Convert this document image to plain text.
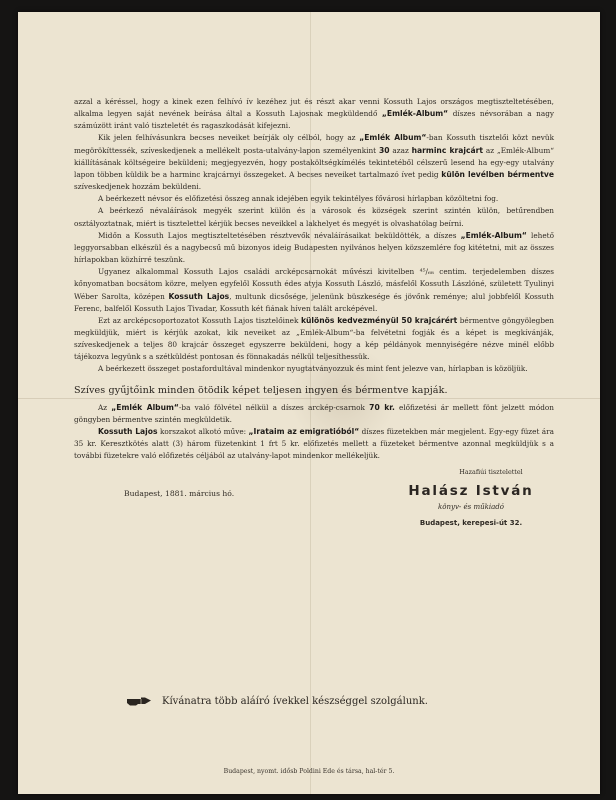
azzal a kéréssel, hogy a kinek ezen felhívó ív kezéhez jut és részt akar venni Kossuth Lajos országos megtiszteltetésében, alkalma legyen saját nevének beírása által a Kossuth Lajosnak megküldendő „Emlék-Album“ díszes névsorában a nagy számúzött iránt való tiszteletét és ragaszkodását kifejezni.

Kik jelen felhívásunkra becses neveiket beírják oly célból, hogy az „Emlék Album“-ban Kossuth tisztelői közt nevük megörökíttessék, szíveskedjenek a mellékelt posta-utalvány-lapon személyenkint 30 azaz harminc krajcárt az „Emlék-Album“ kiállításának költségeire beküldeni; megjegyezvén, hogy postaköltségkímélés tekintetéből célszerű lesend ha egy-egy utalvány lapon többen küldik be a harminc krajcárnyi összegeket. A becses neveiket tartalmazó ívet pedig külön levélben bérmentve szíveskedjenek hozzám beküldeni.

A beérkezett névsor és előfizetési összeg annak idejében egyik tekintélyes fővárosi hírlapban közöltetni fog.

A beérkező névaláírások megyék szerint külön és a városok és községek szerint szintén külön, betűrendben osztályoztatnak, miért is tisztelettel kérjük becses neveikkel a lakhelyet és megyét is olvashatólag beírni.

Midőn a Kossuth Lajos megtiszteltetésében résztvevők névaláírásaikat beküldötték, a díszes „Emlék-Album“ lehető leggyorsabban elkészül és a nagybecsű mű bizonyos ideig Budapesten nyilvános helyen közszemlére fog kitétetni, mit az összes hírlapokban közhírré teszünk.

Ugyanez alkalommal Kossuth Lajos családi arcképcsarnokát művészi kivitelben ⁴⁵/₆₈ centim. terjedelemben díszes kőnyomatban bocsátom közre, melyen egyfelől Kossuth édes atyja Kossuth László, másfelől Kossuth Lászlóné, született Tyulinyi Wéber Sarolta, középen Kossuth Lajos, multunk dicsősége, jelenünk büszkesége és jövőnk reménye; alul jobbfelől Kossuth Ferenc, balfelől Kossuth Lajos Tivadar, Kossuth két fiának híven talált arcképével.

Ezt az arcképcsoportozatot Kossuth Lajos tisztelőinek különös kedvezményül 50 krajcárért bérmentve göngyölegben megküldjük, miért is kérjük azokat, kik neveiket az „Emlék-Album“-ba felvétetni fogják és a képet is megkívánják, szíveskedjenek a teljes 80 krajcár összeget egyszerre beküldeni, hogy a kép példányok mennyiségére nézve minél előbb tájékozva legyünk s a szétküldést pontosan és fönnakadás nélkül teljesíthessük.

A beérkezett összeget postafordultával mindenkor nyugtatványozzuk és mint fent jelezve van, hírlapban is közöljük.

Szíves gyűjtőink minden ötödik képet teljesen ingyen és bérmentve kapják.

Az „Emlék Album“-ba való fölvétel nélkül a díszes arckép-csarnok 70 kr. előfizetési ár mellett fönt jelzett módon göngyben bérmentve szintén megküldetik.

Kossuth Lajos korszakot alkotó műve: „Irataim az emigratióból“ díszes füzetekben már megjelent. Egy-egy füzet ára 35 kr. Keresztkötés alatt (3) három füzetenkint 1 frt 5 kr. előfizetés mellett a füzeteket bérmentve azonnal megküldjük s a további füzetekre való előfizetés céljából az utalvány-lapot mindenkor mellékeljük.

Budapest, 1881. március hó.
Hazafiúi tisztelettel
Halász István
könyv- és műkiadó
Budapest, kerepesi-út 32.
Kívánatra több aláíró ívekkel készséggel szolgálunk.
Budapest, nyomt. idősb Poldini Ede és társa, hal-tér 5.
